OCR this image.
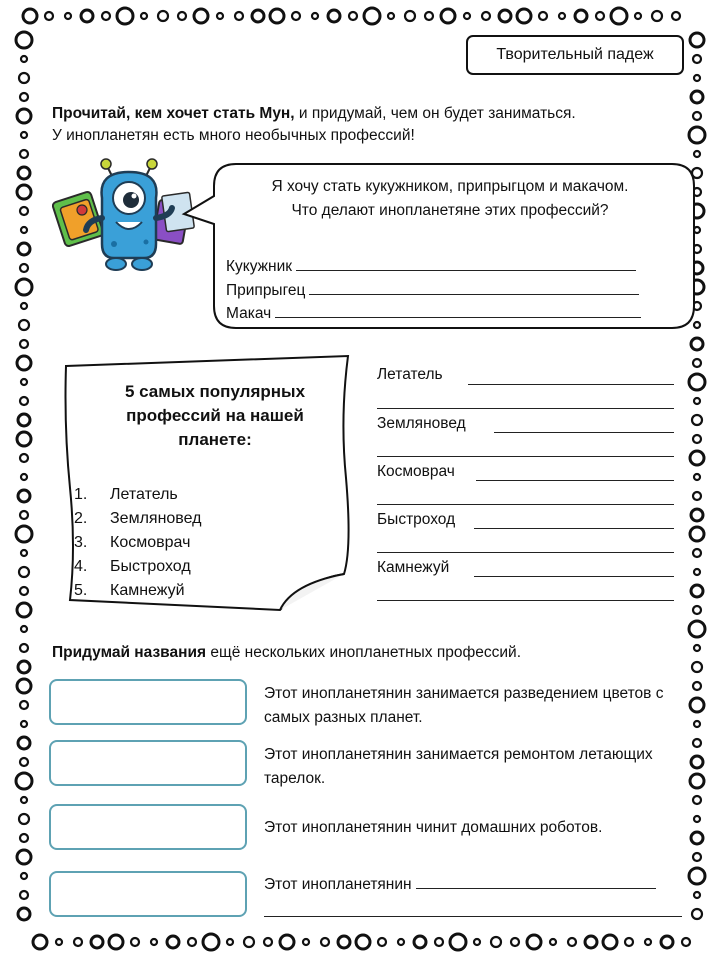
Творительный падеж
Прочитай, кем хочет стать Мун, и придумай, чем он будет заниматься.
У инопланетян есть много необычных профессий!
Я хочу стать кукужником, припрыгцом и макачом.
Что делают инопланетяне этих профессий?
Кукужник
Припрыгец
Макач
5 самых популярных профессий на нашей планете:
1.	Летатель
2.	Земляновед
3.	Космоврач
4.	Быстроход
5.	Камнежуй
Летатель
Земляновед
Космоврач
Быстроход
Камнежуй
Придумай названия ещё нескольких инопланетных профессий.
Этот инопланетянин занимается разведением цветов с самых разных планет.
Этот инопланетянин занимается ремонтом летающих тарелок.
Этот инопланетянин чинит домашних роботов.
Этот инопланетянин
